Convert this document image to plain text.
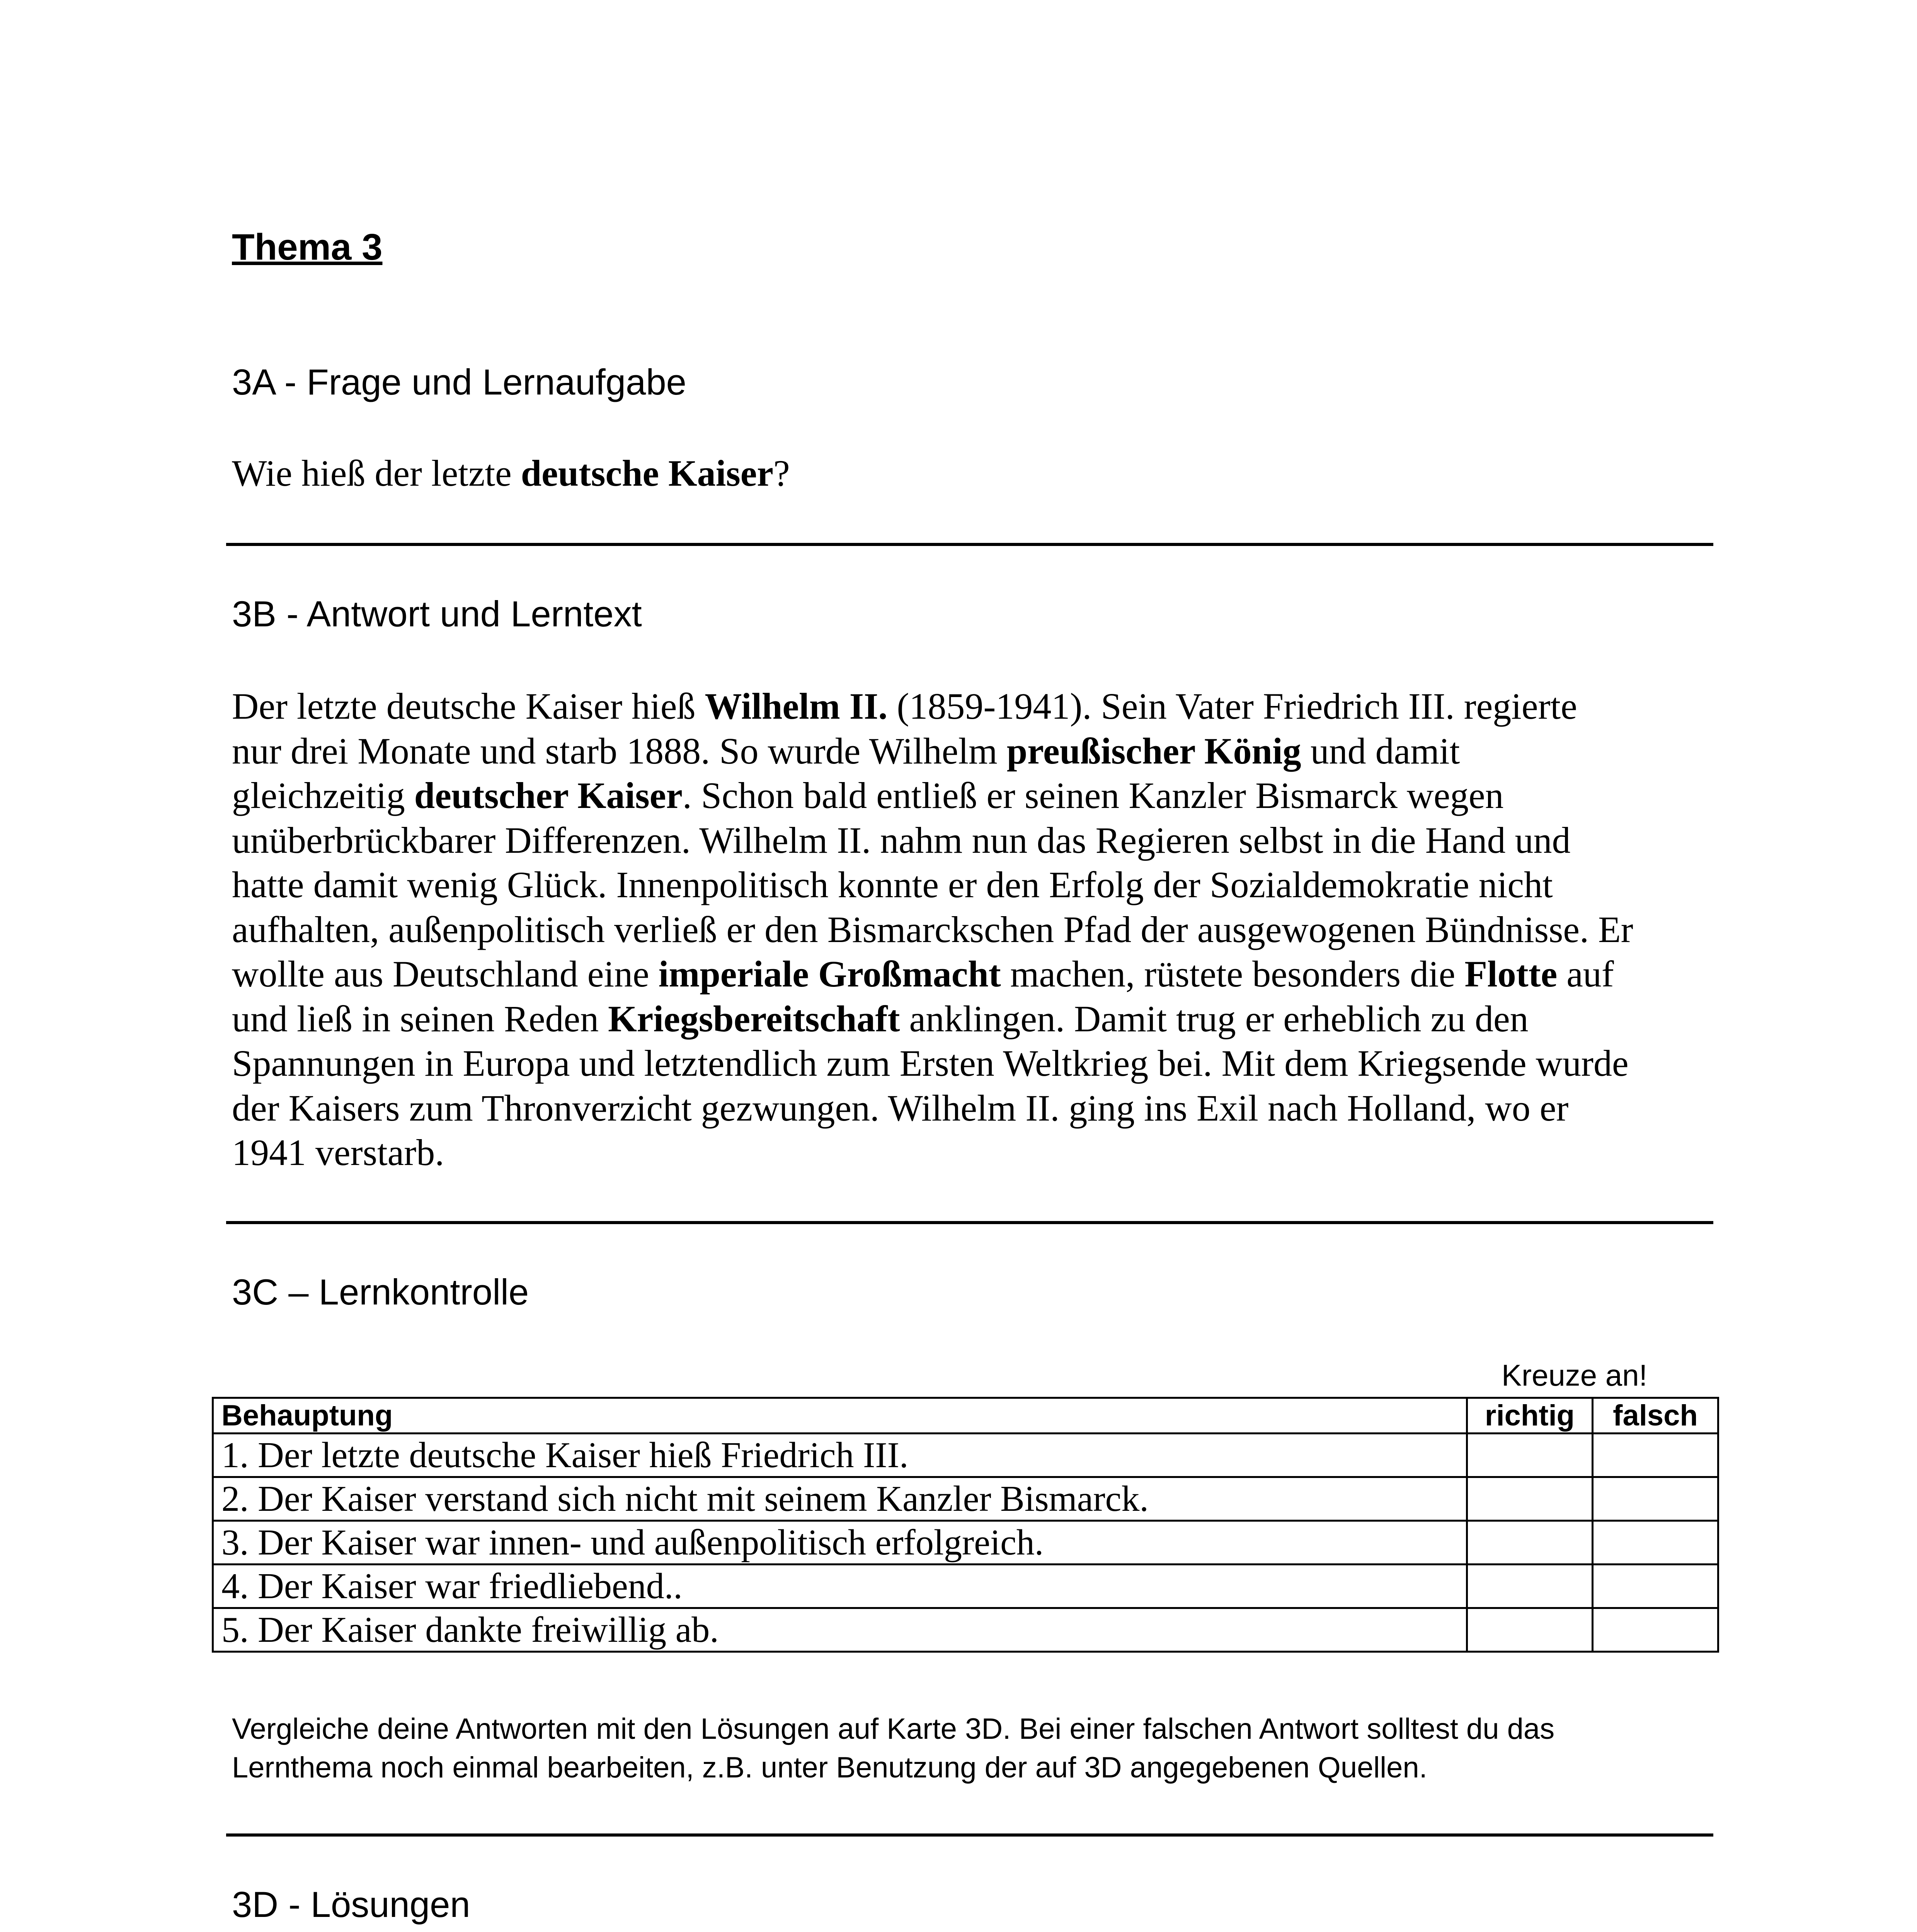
Thema 3
3A - Frage und Lernaufgabe
Wie hieß der letzte deutsche Kaiser?
3B - Antwort und Lerntext
Der letzte deutsche Kaiser hieß Wilhelm II. (1859-1941). Sein Vater Friedrich III. regierte
nur drei Monate und starb 1888. So wurde Wilhelm preußischer König und damit
gleichzeitig deutscher Kaiser. Schon bald entließ er seinen Kanzler Bismarck wegen
unüberbrückbarer Differenzen. Wilhelm II. nahm nun das Regieren selbst in die Hand und
hatte damit wenig Glück. Innenpolitisch konnte er den Erfolg der Sozialdemokratie nicht
aufhalten, außenpolitisch verließ er den Bismarckschen Pfad der ausgewogenen Bündnisse. Er
wollte aus Deutschland eine imperiale Großmacht machen, rüstete besonders die Flotte auf
und ließ in seinen Reden Kriegsbereitschaft anklingen. Damit trug er erheblich zu den
Spannungen in Europa und letztendlich zum Ersten Weltkrieg bei. Mit dem Kriegsende wurde
der Kaisers zum Thronverzicht gezwungen. Wilhelm II. ging ins Exil nach Holland, wo er
1941 verstarb.
3C – Lernkontrolle
Kreuze an!
Behauptung	richtig	falsch
1. Der letzte deutsche Kaiser hieß Friedrich III.		
2. Der Kaiser verstand sich nicht mit seinem Kanzler Bismarck.		
3. Der Kaiser war innen- und außenpolitisch erfolgreich.		
4. Der Kaiser war friedliebend..		
5. Der Kaiser dankte freiwillig ab.		
Vergleiche deine Antworten mit den Lösungen auf Karte 3D. Bei einer falschen Antwort solltest du das
Lernthema noch einmal bearbeiten, z.B. unter Benutzung der auf 3D angegebenen Quellen.
3D - Lösungen
